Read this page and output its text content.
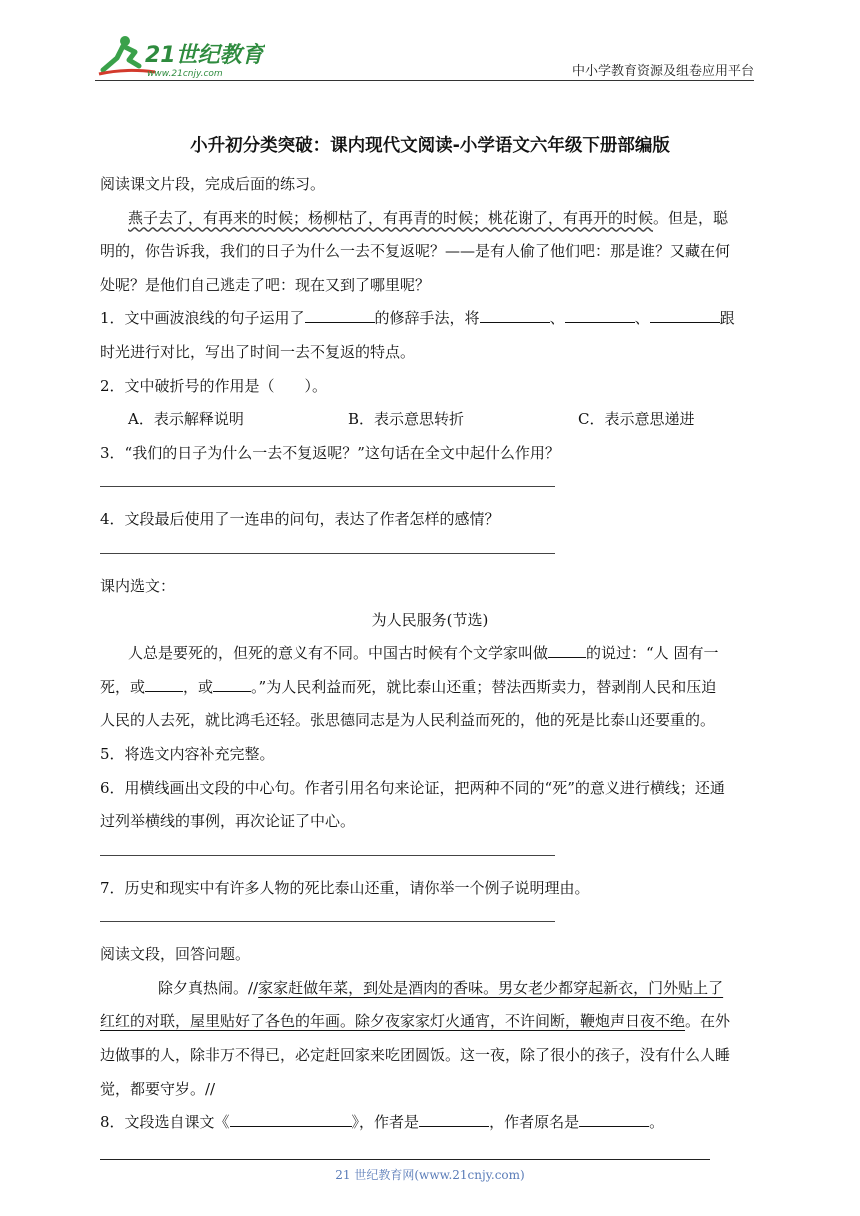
21世纪教育
www.21cnjy.com	中小学教育资源及组卷应用平台
小升初分类突破：课内现代文阅读-小学语文六年级下册部编版
阅读课文片段，完成后面的练习。
燕子去了，有再来的时候；杨柳枯了，有再青的时候；桃花谢了，有再开的时候。但是，聪
明的，你告诉我，我们的日子为什么一去不复返呢？——是有人偷了他们吧：那是谁？又藏在何
处呢？是他们自己逃走了吧：现在又到了哪里呢？
1．文中画波浪线的句子运用了	的修辞手法，将	、	、	跟
时光进行对比，写出了时间一去不复返的特点。
2．文中破折号的作用是（　　）。
A．表示解释说明	B．表示意思转折	C．表示意思递进
3．“我们的日子为什么一去不复返呢？”这句话在全文中起什么作用？
4．文段最后使用了一连串的问句，表达了作者怎样的感情？
课内选文：
为人民服务(节选)
人总是要死的，但死的意义有不同。中国古时候有个文学家叫做	的说过：“人 固有一
死，或	，或	。”为人民利益而死，就比泰山还重；替法西斯卖力，替剥削人民和压迫
人民的人去死，就比鸿毛还轻。张思德同志是为人民利益而死的，他的死是比泰山还要重的。
5．将选文内容补充完整。
6．用横线画出文段的中心句。作者引用名句来论证，把两种不同的“死”的意义进行横线；还通
过列举横线的事例，再次论证了中心。
7．历史和现实中有许多人物的死比泰山还重，请你举一个例子说明理由。
阅读文段，回答问题。
除夕真热闹。//家家赶做年菜，到处是酒肉的香味。男女老少都穿起新衣，门外贴上了
红红的对联，屋里贴好了各色的年画。除夕夜家家灯火通宵，不许间断，鞭炮声日夜不绝。在外
边做事的人，除非万不得已，必定赶回家来吃团圆饭。这一夜，除了很小的孩子，没有什么人睡
觉，都要守岁。//
8．文段选自课文《	》，作者是	，作者原名是	。
21 世纪教育网(www.21cnjy.com)
